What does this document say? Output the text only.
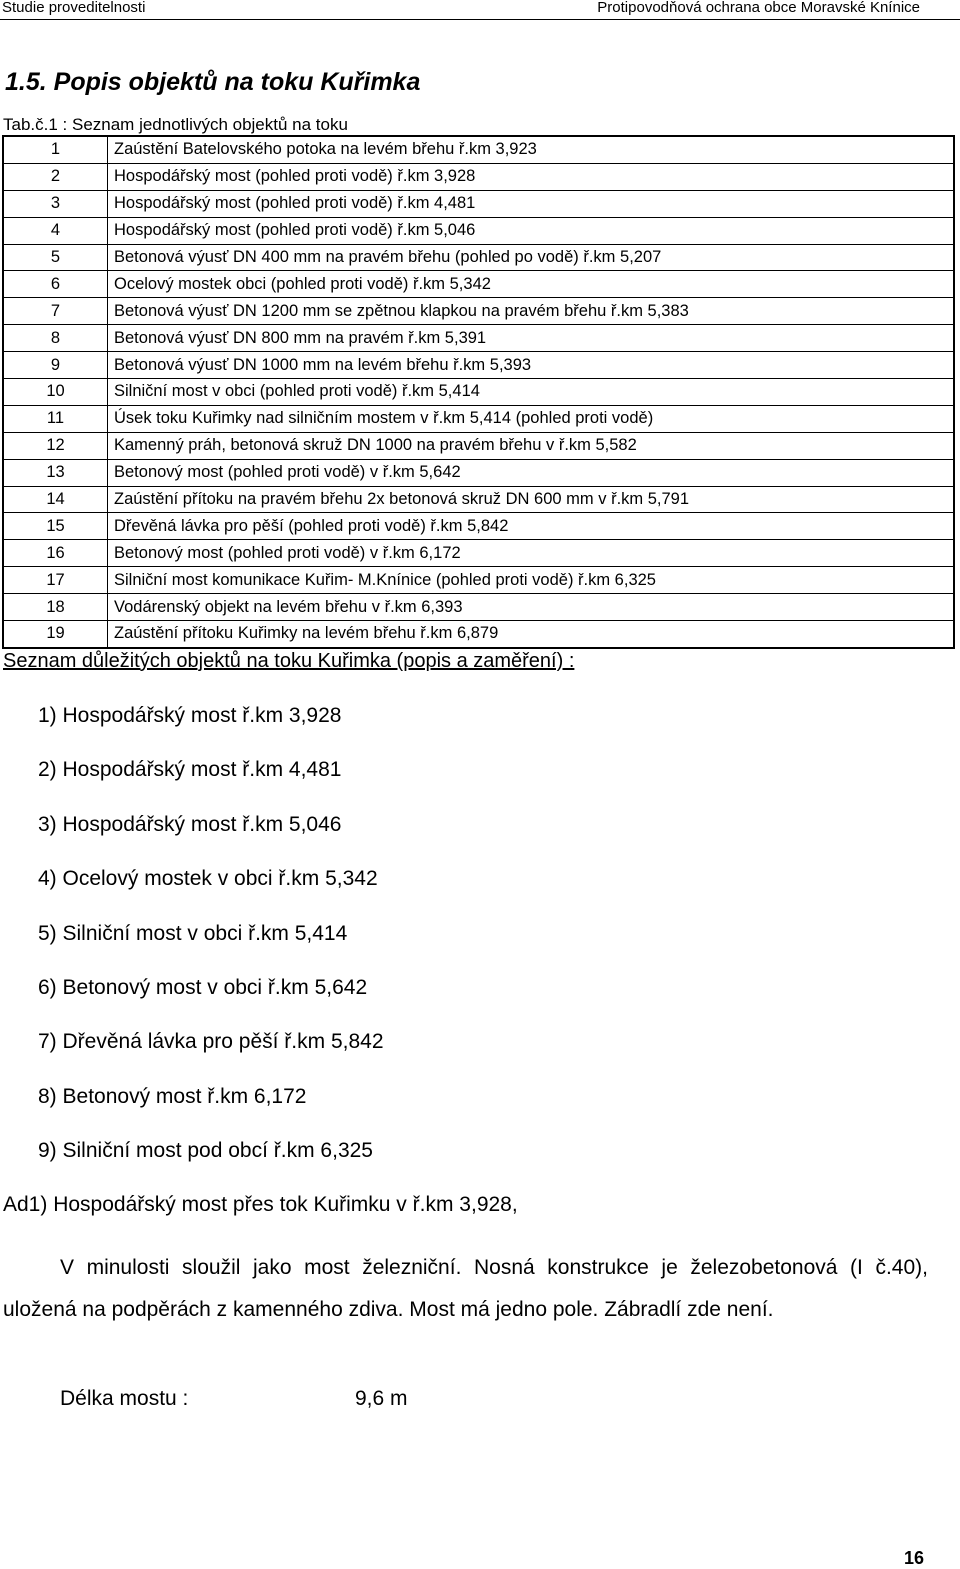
Studie proveditelnosti	Protipovodňová ochrana obce Moravské Knínice
1.5. Popis objektů na toku Kuřimka
Tab.č.1 : Seznam jednotlivých objektů na toku
1	Zaústění Batelovského potoka na levém břehu ř.km 3,923
2	Hospodářský most (pohled proti vodě) ř.km 3,928
3	Hospodářský most (pohled proti vodě) ř.km 4,481
4	Hospodářský most (pohled proti vodě) ř.km 5,046
5	Betonová výusť DN 400 mm na pravém břehu (pohled po vodě) ř.km 5,207
6	Ocelový mostek obci (pohled proti vodě) ř.km 5,342
7	Betonová výusť DN 1200 mm se zpětnou klapkou na pravém břehu ř.km 5,383
8	Betonová výusť DN 800 mm na pravém ř.km 5,391
9	Betonová výusť DN 1000 mm na levém břehu ř.km 5,393
10	Silniční most v obci (pohled proti vodě) ř.km 5,414
11	Úsek toku Kuřimky nad silničním mostem v ř.km 5,414 (pohled proti vodě)
12	Kamenný práh, betonová skruž DN 1000 na pravém břehu v ř.km 5,582
13	Betonový most (pohled proti vodě) v ř.km 5,642
14	Zaústění přítoku na pravém břehu 2x betonová skruž DN 600 mm v ř.km 5,791
15	Dřevěná lávka pro pěší (pohled proti vodě) ř.km 5,842
16	Betonový most (pohled proti vodě) v ř.km 6,172
17	Silniční most komunikace Kuřim- M.Knínice (pohled proti vodě) ř.km 6,325
18	Vodárenský objekt na levém břehu v ř.km 6,393
19	Zaústění přítoku Kuřimky na levém břehu ř.km 6,879
Seznam důležitých objektů na toku Kuřimka (popis a zaměření) :
1) Hospodářský most ř.km 3,928
2) Hospodářský most ř.km 4,481
3) Hospodářský most ř.km 5,046
4) Ocelový mostek v obci ř.km 5,342
5) Silniční most v obci ř.km 5,414
6) Betonový most v obci ř.km 5,642
7) Dřevěná lávka pro pěší ř.km 5,842
8) Betonový most ř.km 6,172
9) Silniční most pod obcí ř.km 6,325
Ad1) Hospodářský most přes tok Kuřimku v ř.km 3,928,
V minulosti sloužil jako most železniční. Nosná konstrukce je železobetonová (I č.40), uložená na podpěrách z kamenného zdiva. Most má jedno pole. Zábradlí zde není.
Délka mostu :	9,6 m
16
